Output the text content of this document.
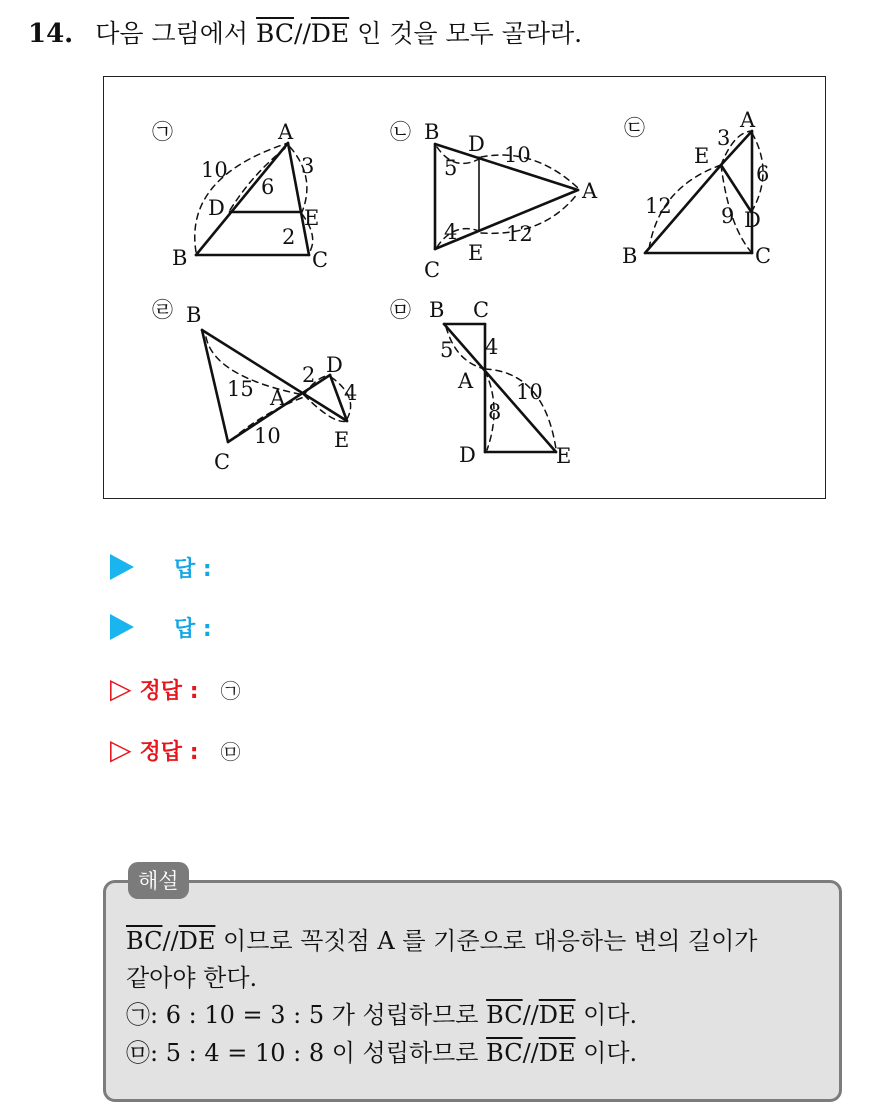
14. 다음 그림에서 $\overline{BC}//\overline{DE}$ 인 것을 모두 골라라.
㉠	A
B	C
D	E
10
6
3
2
㉡ B D
A
C
E
5
10
4 12
㉢	A
E
3
6
D
9
12
B	C
㉣ B
15 A
2 D
4
E
10
C
㉤ B C
5 4
A 10
8
D	E
답 :
답 :
▷ 정답 : ㉠
▷ 정답 : ㉤
$\overline{BC}//\overline{DE}$ 이므로 꼭짓점 A 를 기준으로 대응하는 변의 길이가
같아야 한다.
㉠: 6 : 10 = 3 : 5 가 성립하므로 $\overline{BC}//\overline{DE}$ 이다.
㉤: 5 : 4 = 10 : 8 이 성립하므로 $\overline{BC}//\overline{DE}$ 이다.
해설
